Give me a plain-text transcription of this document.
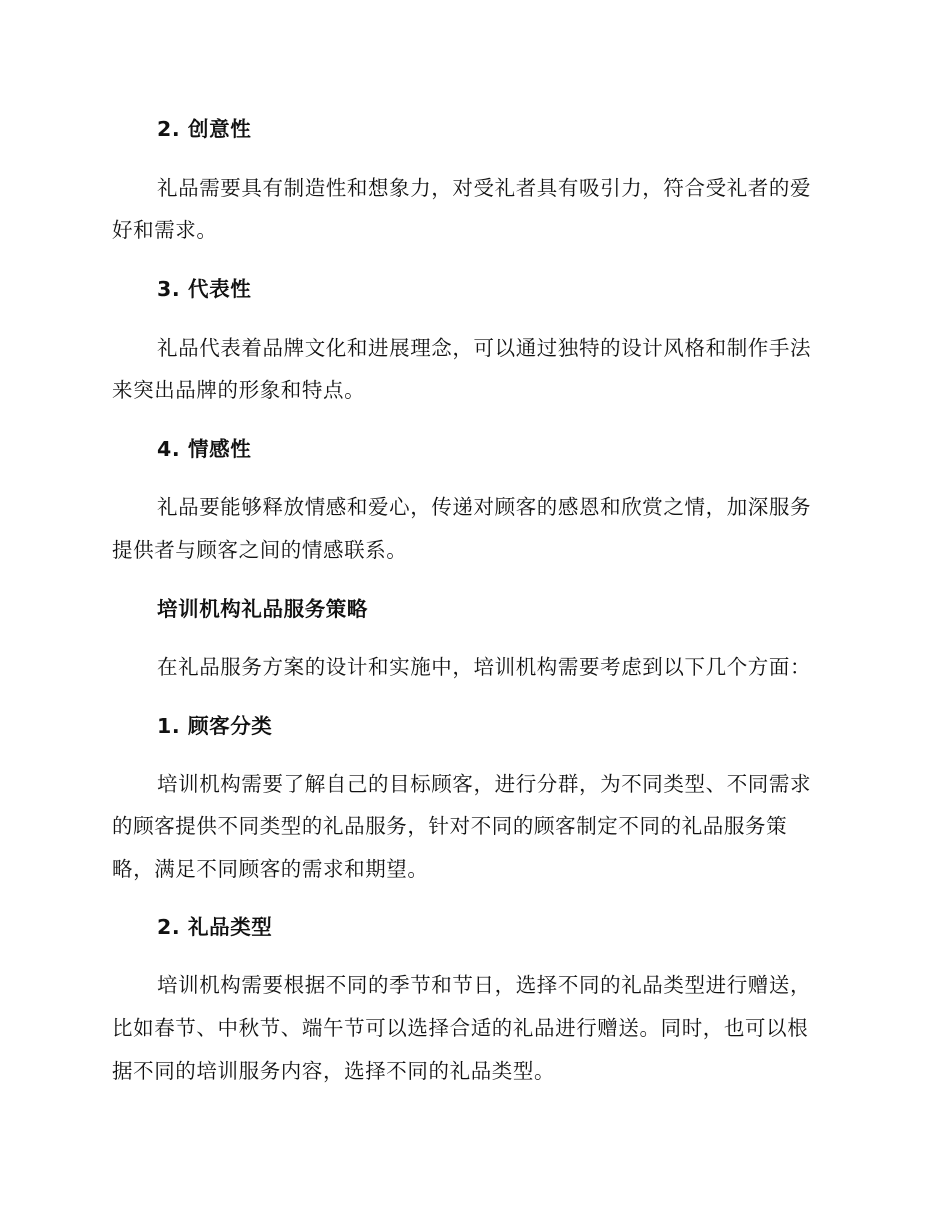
2. 创意性
礼品需要具有制造性和想象力，对受礼者具有吸引力，符合受礼者的爱
好和需求。
3. 代表性
礼品代表着品牌文化和进展理念，可以通过独特的设计风格和制作手法
来突出品牌的形象和特点。
4. 情感性
礼品要能够释放情感和爱心，传递对顾客的感恩和欣赏之情，加深服务
提供者与顾客之间的情感联系。
培训机构礼品服务策略
在礼品服务方案的设计和实施中，培训机构需要考虑到以下几个方面：
1. 顾客分类
培训机构需要了解自己的目标顾客，进行分群，为不同类型、不同需求
的顾客提供不同类型的礼品服务，针对不同的顾客制定不同的礼品服务策
略，满足不同顾客的需求和期望。
2. 礼品类型
培训机构需要根据不同的季节和节日，选择不同的礼品类型进行赠送，
比如春节、中秋节、端午节可以选择合适的礼品进行赠送。同时，也可以根
据不同的培训服务内容，选择不同的礼品类型。
